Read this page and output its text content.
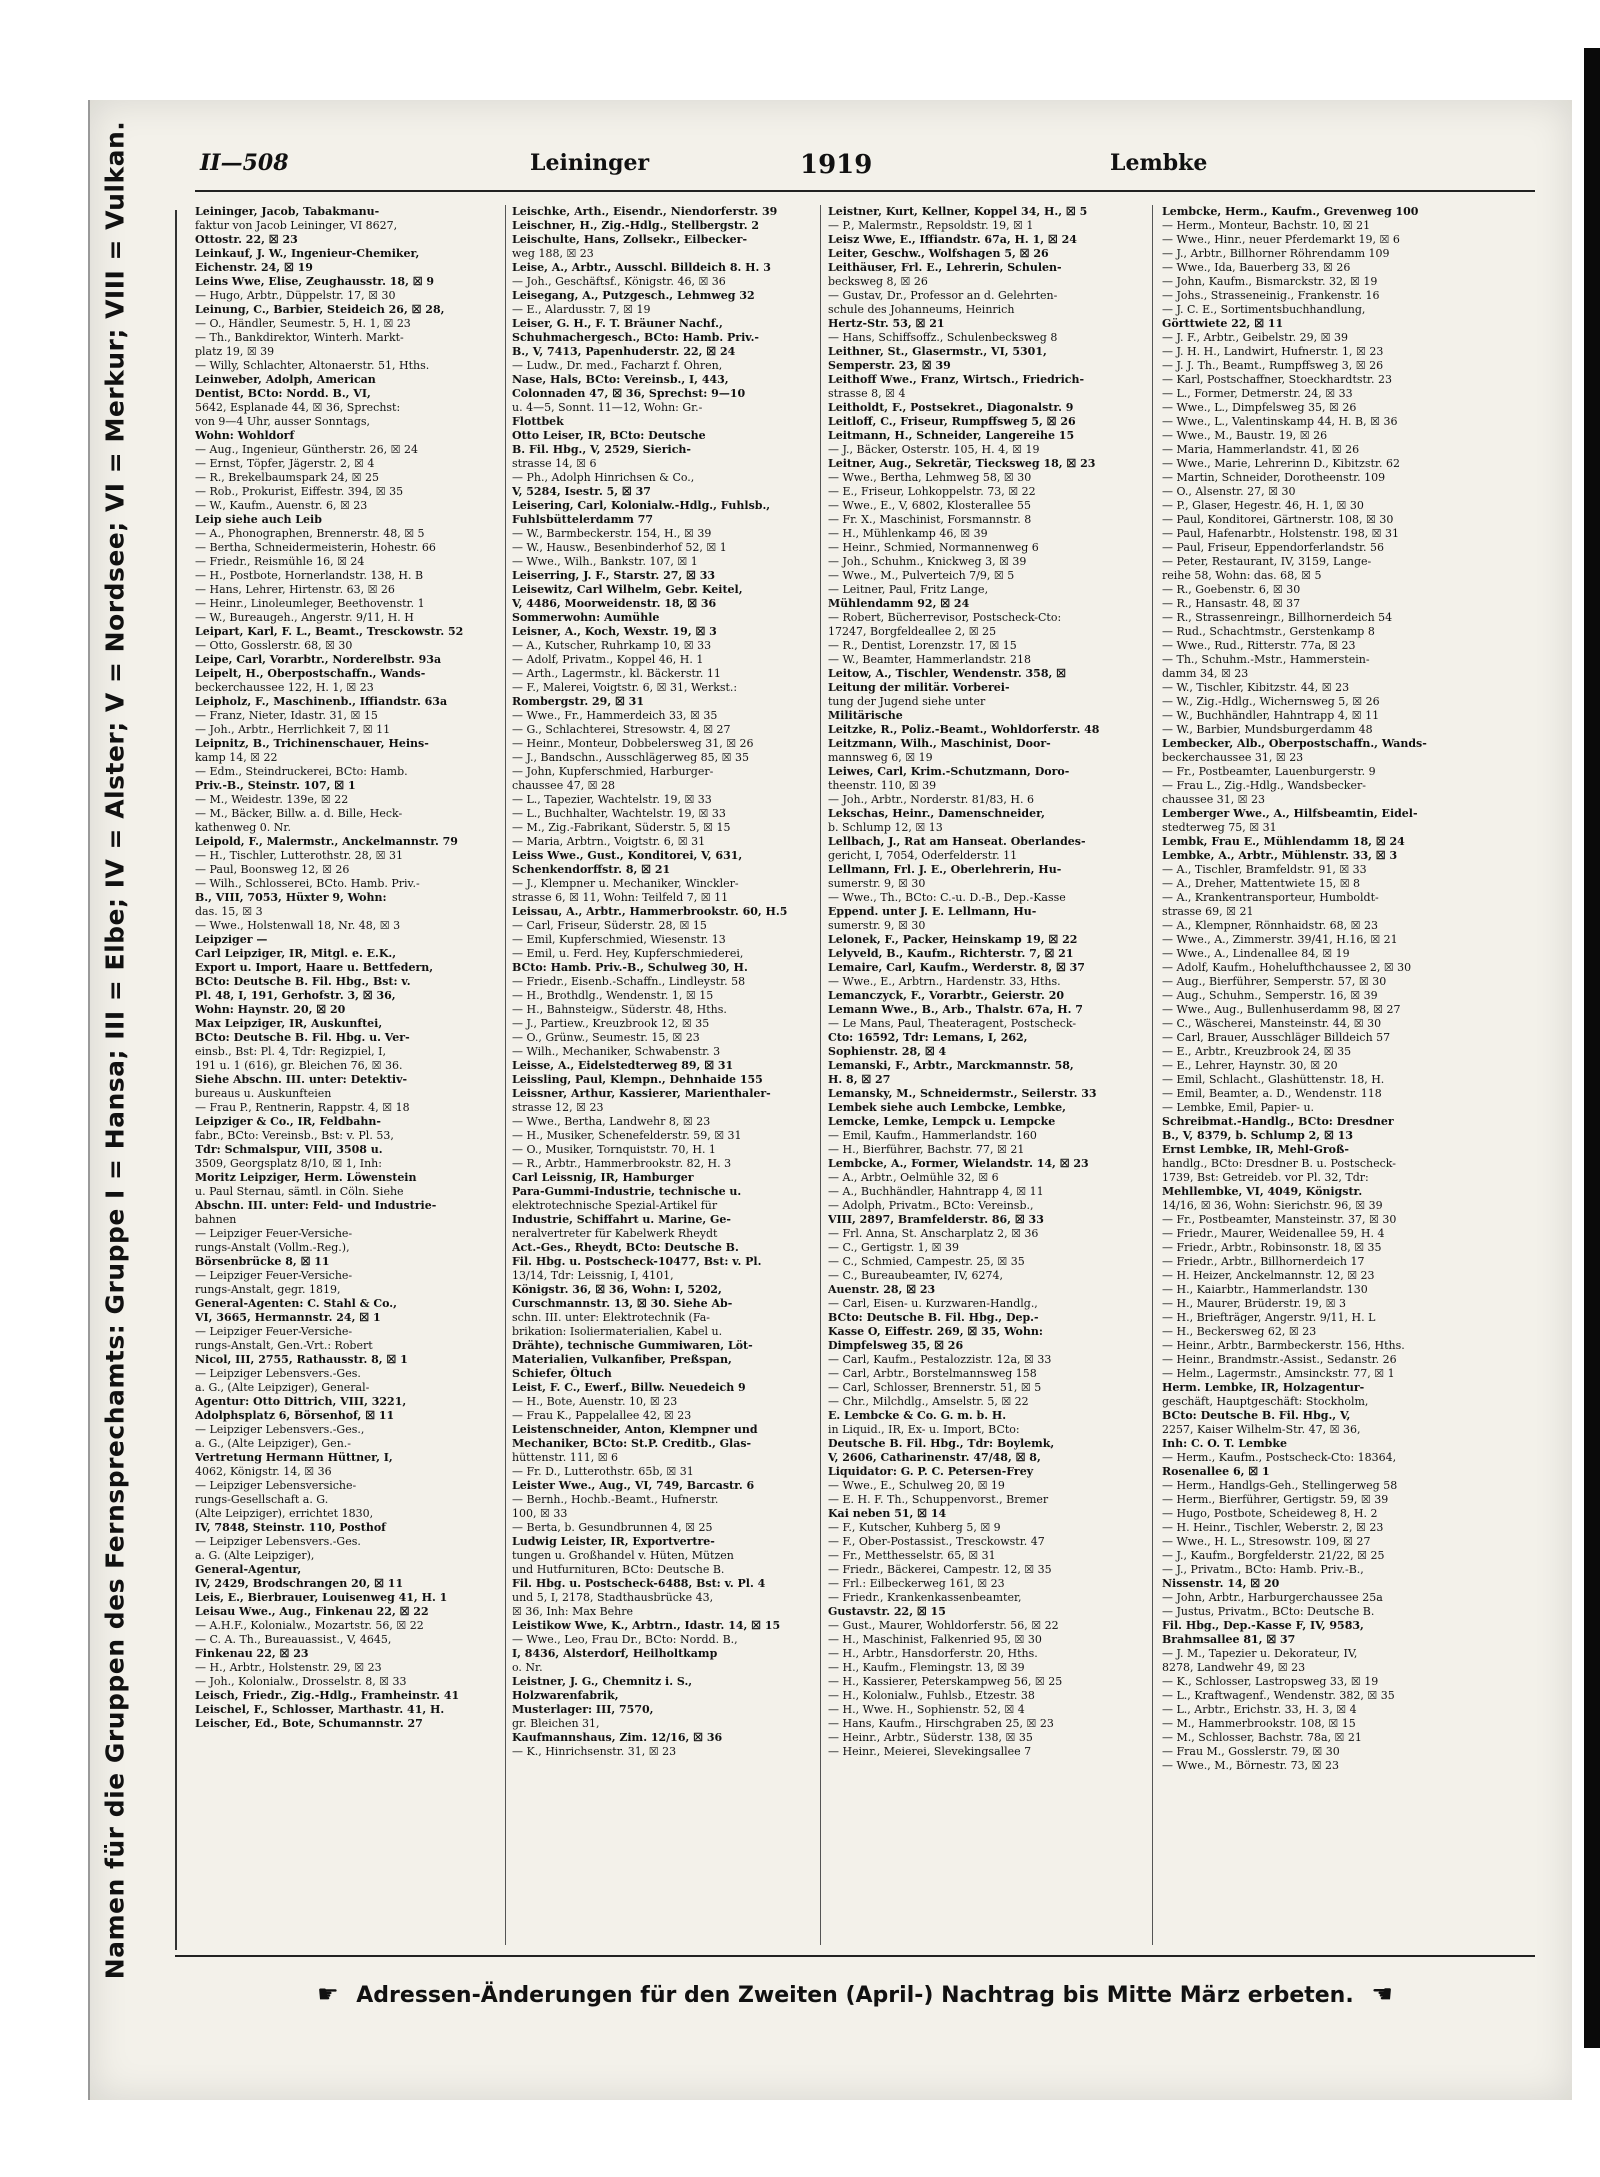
II—508	Leininger	1919	Lembke
Namen für die Gruppen des Fernsprechamts: Gruppe I = Hansa; III = Elbe; IV = Alster; V = Nordsee; VI = Merkur; VIII = Vulkan.	Leininger, Jacob, Tabakmanu-
faktur von Jacob Leininger, VI 8627,
Ottostr. 22, ☒ 23
Leinkauf, J. W., Ingenieur-Chemiker,
Eichenstr. 24, ☒ 19
Leins Wwe, Elise, Zeughausstr. 18, ☒ 9
— Hugo, Arbtr., Düppelstr. 17, ☒ 30
Leinung, C., Barbier, Steideich 26, ☒ 28,
— O., Händler, Seumestr. 5, H. 1, ☒ 23
— Th., Bankdirektor, Winterh. Markt-
platz 19, ☒ 39
— Willy, Schlachter, Altonaerstr. 51, Hths.
Leinweber, Adolph, American
Dentist, BCto: Nordd. B., VI,
5642, Esplanade 44, ☒ 36, Sprechst:
von 9—4 Uhr, ausser Sonntags,
Wohn: Wohldorf
— Aug., Ingenieur, Güntherstr. 26, ☒ 24
— Ernst, Töpfer, Jägerstr. 2, ☒ 4
— R., Brekelbaumspark 24, ☒ 25
— Rob., Prokurist, Eiffestr. 394, ☒ 35
— W., Kaufm., Auenstr. 6, ☒ 23
Leip siehe auch Leib
— A., Phonographen, Brennerstr. 48, ☒ 5
— Bertha, Schneidermeisterin, Hohestr. 66
— Friedr., Reismühle 16, ☒ 24
— H., Postbote, Hornerlandstr. 138, H. B
— Hans, Lehrer, Hirtenstr. 63, ☒ 26
— Heinr., Linoleumleger, Beethovenstr. 1
— W., Bureaugeh., Angerstr. 9/11, H. H
Leipart, Karl, F. L., Beamt., Tresckowstr. 52
— Otto, Gosslerstr. 68, ☒ 30
Leipe, Carl, Vorarbtr., Norderelbstr. 93a
Leipelt, H., Oberpostschaffn., Wands-
beckerchaussee 122, H. 1, ☒ 23
Leipholz, F., Maschinenb., Iffiandstr. 63a
— Franz, Nieter, Idastr. 31, ☒ 15
— Joh., Arbtr., Herrlichkeit 7, ☒ 11
Leipnitz, B., Trichinenschauer, Heins-
kamp 14, ☒ 22
— Edm., Steindruckerei, BCto: Hamb.
Priv.-B., Steinstr. 107, ☒ 1
— M., Weidestr. 139e, ☒ 22
— M., Bäcker, Billw. a. d. Bille, Heck-
kathenweg 0. Nr.
Leipold, F., Malermstr., Anckelmannstr. 79
— H., Tischler, Lutterothstr. 28, ☒ 31
— Paul, Boonsweg 12, ☒ 26
— Wilh., Schlosserei, BCto. Hamb. Priv.-
B., VIII, 7053, Hüxter 9, Wohn:
das. 15, ☒ 3
— Wwe., Holstenwall 18, Nr. 48, ☒ 3
Leipziger —
Carl Leipziger, IR, Mitgl. e. E.K.,
Export u. Import, Haare u. Bettfedern,
BCto: Deutsche B. Fil. Hbg., Bst: v.
Pl. 48, I, 191, Gerhofstr. 3, ☒ 36,
Wohn: Haynstr. 20, ☒ 20
Max Leipziger, IR, Auskunftei,
BCto: Deutsche B. Fil. Hbg. u. Ver-
einsb., Bst: Pl. 4, Tdr: Regizpiel, I,
191 u. 1 (616), gr. Bleichen 76, ☒ 36.
Siehe Abschn. III. unter: Detektiv-
bureaus u. Auskunfteien
— Frau P., Rentnerin, Rappstr. 4, ☒ 18
Leipziger & Co., IR, Feldbahn-
fabr., BCto: Vereinsb., Bst: v. Pl. 53,
Tdr: Schmalspur, VIII, 3508 u.
3509, Georgsplatz 8/10, ☒ 1, Inh:
Moritz Leipziger, Herm. Löwenstein
u. Paul Sternau, sämtl. in Cöln. Siehe
Abschn. III. unter: Feld- und Industrie-
bahnen
— Leipziger Feuer-Versiche-
rungs-Anstalt (Vollm.-Reg.),
Börsenbrücke 8, ☒ 11
— Leipziger Feuer-Versiche-
rungs-Anstalt, gegr. 1819,
General-Agenten: C. Stahl & Co.,
VI, 3665, Hermannstr. 24, ☒ 1
— Leipziger Feuer-Versiche-
rungs-Anstalt, Gen.-Vrt.: Robert
Nicol, III, 2755, Rathausstr. 8, ☒ 1
— Leipziger Lebensvers.-Ges.
a. G., (Alte Leipziger), General-
Agentur: Otto Dittrich, VIII, 3221,
Adolphsplatz 6, Börsenhof, ☒ 11
— Leipziger Lebensvers.-Ges.,
a. G., (Alte Leipziger), Gen.-
Vertretung Hermann Hüttner, I,
4062, Königstr. 14, ☒ 36
— Leipziger Lebensversiche-
rungs-Gesellschaft a. G.
(Alte Leipziger), errichtet 1830,
IV, 7848, Steinstr. 110, Posthof
— Leipziger Lebensvers.-Ges.
a. G. (Alte Leipziger),
General-Agentur,
IV, 2429, Brodschrangen 20, ☒ 11
Leis, E., Bierbrauer, Louisenweg 41, H. 1
Leisau Wwe., Aug., Finkenau 22, ☒ 22
— A.H.F., Kolonialw., Mozartstr. 56, ☒ 22
— C. A. Th., Bureauassist., V, 4645,
Finkenau 22, ☒ 23
— H., Arbtr., Holstenstr. 29, ☒ 23
— Joh., Kolonialw., Drosselstr. 8, ☒ 33
Leisch, Friedr., Zig.-Hdlg., Framheinstr. 41
Leischel, F., Schlosser, Marthastr. 41, H.
Leischer, Ed., Bote, Schumannstr. 27
Leischke, Arth., Eisendr., Niendorferstr. 39
Leischner, H., Zig.-Hdlg., Stellbergstr. 2
Leischulte, Hans, Zollsekr., Eilbecker-
weg 188, ☒ 23
Leise, A., Arbtr., Ausschl. Billdeich 8. H. 3
— Joh., Geschäftsf., Königstr. 46, ☒ 36
Leisegang, A., Putzgesch., Lehmweg 32
— E., Alardusstr. 7, ☒ 19
Leiser, G. H., F. T. Bräuner Nachf.,
Schuhmachergesch., BCto: Hamb. Priv.-
B., V, 7413, Papenhuderstr. 22, ☒ 24
— Ludw., Dr. med., Facharzt f. Ohren,
Nase, Hals, BCto: Vereinsb., I, 443,
Colonnaden 47, ☒ 36, Sprechst: 9—10
u. 4—5, Sonnt. 11—12, Wohn: Gr.-
Flottbek
Otto Leiser, IR, BCto: Deutsche
B. Fil. Hbg., V, 2529, Sierich-
strasse 14, ☒ 6
— Ph., Adolph Hinrichsen & Co.,
V, 5284, Isestr. 5, ☒ 37
Leisering, Carl, Kolonialw.-Hdlg., Fuhlsb.,
Fuhlsbüttelerdamm 77
— W., Barmbeckerstr. 154, H., ☒ 39
— W., Hausw., Besenbinderhof 52, ☒ 1
— Wwe., Wilh., Bankstr. 107, ☒ 1
Leiserring, J. F., Starstr. 27, ☒ 33
Leisewitz, Carl Wilhelm, Gebr. Keitel,
V, 4486, Moorweidenstr. 18, ☒ 36
Sommerwohn: Aumühle
Leisner, A., Koch, Wexstr. 19, ☒ 3
— A., Kutscher, Ruhrkamp 10, ☒ 33
— Adolf, Privatm., Koppel 46, H. 1
— Arth., Lagermstr., kl. Bäckerstr. 11
— F., Malerei, Voigtstr. 6, ☒ 31, Werkst.:
Rombergstr. 29, ☒ 31
— Wwe., Fr., Hammerdeich 33, ☒ 35
— G., Schlachterei, Stresowstr. 4, ☒ 27
— Heinr., Monteur, Dobbelersweg 31, ☒ 26
— J., Bandschn., Ausschlägerweg 85, ☒ 35
— John, Kupferschmied, Harburger-
chaussee 47, ☒ 28
— L., Tapezier, Wachtelstr. 19, ☒ 33
— L., Buchhalter, Wachtelstr. 19, ☒ 33
— M., Zig.-Fabrikant, Süderstr. 5, ☒ 15
— Maria, Arbtrn., Voigtstr. 6, ☒ 31
Leiss Wwe., Gust., Konditorei, V, 631,
Schenkendorffstr. 8, ☒ 21
— J., Klempner u. Mechaniker, Winckler-
strasse 6, ☒ 11, Wohn: Teilfeld 7, ☒ 11
Leissau, A., Arbtr., Hammerbrookstr. 60, H.5
— Carl, Friseur, Süderstr. 28, ☒ 15
— Emil, Kupferschmied, Wiesenstr. 13
— Emil, u. Ferd. Hey, Kupferschmiederei,
BCto: Hamb. Priv.-B., Schulweg 30, H.
— Friedr., Eisenb.-Schaffn., Lindleystr. 58
— H., Brothdlg., Wendenstr. 1, ☒ 15
— H., Bahnsteigw., Süderstr. 48, Hths.
— J., Partiew., Kreuzbrook 12, ☒ 35
— O., Grünw., Seumestr. 15, ☒ 23
— Wilh., Mechaniker, Schwabenstr. 3
Leisse, A., Eidelstedterweg 89, ☒ 31
Leissling, Paul, Klempn., Dehnhaide 155
Leissner, Arthur, Kassierer, Marienthaler-
strasse 12, ☒ 23
— Wwe., Bertha, Landwehr 8, ☒ 23
— H., Musiker, Schenefelderstr. 59, ☒ 31
— O., Musiker, Tornquiststr. 70, H. 1
— R., Arbtr., Hammerbrookstr. 82, H. 3
Carl Leissnig, IR, Hamburger
Para-Gummi-Industrie, technische u.
elektrotechnische Spezial-Artikel für
Industrie, Schiffahrt u. Marine, Ge-
neralvertreter für Kabelwerk Rheydt
Act.-Ges., Rheydt, BCto: Deutsche B.
Fil. Hbg. u. Postscheck-10477, Bst: v. Pl.
13/14, Tdr: Leissnig, I, 4101,
Königstr. 36, ☒ 36, Wohn: I, 5202,
Curschmannstr. 13, ☒ 30. Siehe Ab-
schn. III. unter: Elektrotechnik (Fa-
brikation: Isoliermaterialien, Kabel u.
Drähte), technische Gummiwaren, Löt-
Materialien, Vulkanfiber, Preßspan,
Schiefer, Öltuch
Leist, F. C., Ewerf., Billw. Neuedeich 9
— H., Bote, Auenstr. 10, ☒ 23
— Frau K., Pappelallee 42, ☒ 23
Leistenschneider, Anton, Klempner und
Mechaniker, BCto: St.P. Creditb., Glas-
hüttenstr. 111, ☒ 6
— Fr. D., Lutterothstr. 65b, ☒ 31
Leister Wwe., Aug., VI, 749, Barcastr. 6
— Bernh., Hochb.-Beamt., Hufnerstr.
100, ☒ 33
— Berta, b. Gesundbrunnen 4, ☒ 25
Ludwig Leister, IR, Exportvertre-
tungen u. Großhandel v. Hüten, Mützen
und Hutfurnituren, BCto: Deutsche B.
Fil. Hbg. u. Postscheck-6488, Bst: v. Pl. 4
und 5, I, 2178, Stadthausbrücke 43,
☒ 36, Inh: Max Behre
Leistikow Wwe, K., Arbtrn., Idastr. 14, ☒ 15
— Wwe., Leo, Frau Dr., BCto: Nordd. B.,
I, 8436, Alsterdorf, Heilholtkamp
o. Nr.
Leistner, J. G., Chemnitz i. S.,
Holzwarenfabrik,
Musterlager: III, 7570,
gr. Bleichen 31,
Kaufmannshaus, Zim. 12/16, ☒ 36
— K., Hinrichsenstr. 31, ☒ 23
Leistner, Kurt, Kellner, Koppel 34, H., ☒ 5
— P., Malermstr., Repsoldstr. 19, ☒ 1
Leisz Wwe, E., Iffiandstr. 67a, H. 1, ☒ 24
Leiter, Geschw., Wolfshagen 5, ☒ 26
Leithäuser, Frl. E., Lehrerin, Schulen-
becksweg 8, ☒ 26
— Gustav, Dr., Professor an d. Gelehrten-
schule des Johanneums, Heinrich
Hertz-Str. 53, ☒ 21
— Hans, Schiffsoffz., Schulenbecksweg 8
Leithner, St., Glasermstr., VI, 5301,
Semperstr. 23, ☒ 39
Leithoff Wwe., Franz, Wirtsch., Friedrich-
strasse 8, ☒ 4
Leitholdt, F., Postsekret., Diagonalstr. 9
Leitloff, C., Friseur, Rumpffsweg 5, ☒ 26
Leitmann, H., Schneider, Langereihe 15
— J., Bäcker, Osterstr. 105, H. 4, ☒ 19
Leitner, Aug., Sekretär, Tiecksweg 18, ☒ 23
— Wwe., Bertha, Lehmweg 58, ☒ 30
— E., Friseur, Lohkoppelstr. 73, ☒ 22
— Wwe., E., V, 6802, Klosterallee 55
— Fr. X., Maschinist, Forsmannstr. 8
— H., Mühlenkamp 46, ☒ 39
— Heinr., Schmied, Normannenweg 6
— Joh., Schuhm., Knickweg 3, ☒ 39
— Wwe., M., Pulverteich 7/9, ☒ 5
— Leitner, Paul, Fritz Lange,
Mühlendamm 92, ☒ 24
— Robert, Bücherrevisor, Postscheck-Cto:
17247, Borgfeldeallee 2, ☒ 25
— R., Dentist, Lorenzstr. 17, ☒ 15
— W., Beamter, Hammerlandstr. 218
Leitow, A., Tischler, Wendenstr. 358, ☒
Leitung der militär. Vorberei-
tung der Jugend siehe unter
Militärische
Leitzke, R., Poliz.-Beamt., Wohldorferstr. 48
Leitzmann, Wilh., Maschinist, Door-
mannsweg 6, ☒ 19
Leiwes, Carl, Krim.-Schutzmann, Doro-
theenstr. 110, ☒ 39
— Joh., Arbtr., Norderstr. 81/83, H. 6
Lekschas, Heinr., Damenschneider,
b. Schlump 12, ☒ 13
Lellbach, J., Rat am Hanseat. Oberlandes-
gericht, I, 7054, Oderfelderstr. 11
Lellmann, Frl. J. E., Oberlehrerin, Hu-
sumerstr. 9, ☒ 30
— Wwe., Th., BCto: C.-u. D.-B., Dep.-Kasse
Eppend. unter J. E. Lellmann, Hu-
sumerstr. 9, ☒ 30
Lelonek, F., Packer, Heinskamp 19, ☒ 22
Lelyveld, B., Kaufm., Richterstr. 7, ☒ 21
Lemaire, Carl, Kaufm., Werderstr. 8, ☒ 37
— Wwe., E., Arbtrn., Hardenstr. 33, Hths.
Lemanczyck, F., Vorarbtr., Geierstr. 20
Lemann Wwe., B., Arb., Thalstr. 67a, H. 7
— Le Mans, Paul, Theateragent, Postscheck-
Cto: 16592, Tdr: Lemans, I, 262,
Sophienstr. 28, ☒ 4
Lemanski, F., Arbtr., Marckmannstr. 58,
H. 8, ☒ 27
Lemansky, M., Schneidermstr., Seilerstr. 33
Lembek siehe auch Lembcke, Lembke,
Lemcke, Lemke, Lempck u. Lempcke
— Emil, Kaufm., Hammerlandstr. 160
— H., Bierführer, Bachstr. 77, ☒ 21
Lembcke, A., Former, Wielandstr. 14, ☒ 23
— A., Arbtr., Oelmühle 32, ☒ 6
— A., Buchhändler, Hahntrapp 4, ☒ 11
— Adolph, Privatm., BCto: Vereinsb.,
VIII, 2897, Bramfelderstr. 86, ☒ 33
— Frl. Anna, St. Anscharplatz 2, ☒ 36
— C., Gertigstr. 1, ☒ 39
— C., Schmied, Campestr. 25, ☒ 35
— C., Bureaubeamter, IV, 6274,
Auenstr. 28, ☒ 23
— Carl, Eisen- u. Kurzwaren-Handlg.,
BCto: Deutsche B. Fil. Hbg., Dep.-
Kasse O, Eiffestr. 269, ☒ 35, Wohn:
Dimpfelsweg 35, ☒ 26
— Carl, Kaufm., Pestalozzistr. 12a, ☒ 33
— Carl, Arbtr., Borstelmannsweg 158
— Carl, Schlosser, Brennerstr. 51, ☒ 5
— Chr., Milchdlg., Amselstr. 5, ☒ 22
E. Lembcke & Co. G. m. b. H.
in Liquid., IR, Ex- u. Import, BCto:
Deutsche B. Fil. Hbg., Tdr: Boylemk,
V, 2606, Catharinenstr. 47/48, ☒ 8,
Liquidator: G. P. C. Petersen-Frey
— Wwe., E., Schulweg 20, ☒ 19
— E. H. F. Th., Schuppenvorst., Bremer
Kai neben 51, ☒ 14
— F., Kutscher, Kuhberg 5, ☒ 9
— F., Ober-Postassist., Tresckowstr. 47
— Fr., Metthesselstr. 65, ☒ 31
— Friedr., Bäckerei, Campestr. 12, ☒ 35
— Frl.: Eilbeckerweg 161, ☒ 23
— Friedr., Krankenkassenbeamter,
Gustavstr. 22, ☒ 15
— Gust., Maurer, Wohldorferstr. 56, ☒ 22
— H., Maschinist, Falkenried 95, ☒ 30
— H., Arbtr., Hansdorferstr. 20, Hths.
— H., Kaufm., Flemingstr. 13, ☒ 39
— H., Kassierer, Peterskampweg 56, ☒ 25
— H., Kolonialw., Fuhlsb., Etzestr. 38
— H., Wwe. H., Sophienstr. 52, ☒ 4
— Hans, Kaufm., Hirschgraben 25, ☒ 23
— Heinr., Arbtr., Süderstr. 138, ☒ 35
— Heinr., Meierei, Slevekingsallee 7
Lembcke, Herm., Kaufm., Grevenweg 100
— Herm., Monteur, Bachstr. 10, ☒ 21
— Wwe., Hinr., neuer Pferdemarkt 19, ☒ 6
— J., Arbtr., Billhorner Röhrendamm 109
— Wwe., Ida, Bauerberg 33, ☒ 26
— John, Kaufm., Bismarckstr. 32, ☒ 19
— Johs., Strasseneinig., Frankenstr. 16
— J. C. E., Sortimentsbuchhandlung,
Görttwiete 22, ☒ 11
— J. F., Arbtr., Geibelstr. 29, ☒ 39
— J. H. H., Landwirt, Hufnerstr. 1, ☒ 23
— J. J. Th., Beamt., Rumpffsweg 3, ☒ 26
— Karl, Postschaffner, Stoeckhardtstr. 23
— L., Former, Detmerstr. 24, ☒ 33
— Wwe., L., Dimpfelsweg 35, ☒ 26
— Wwe., L., Valentinskamp 44, H. B, ☒ 36
— Wwe., M., Baustr. 19, ☒ 26
— Maria, Hammerlandstr. 41, ☒ 26
— Wwe., Marie, Lehrerinn D., Kibitzstr. 62
— Martin, Schneider, Dorotheenstr. 109
— O., Alsenstr. 27, ☒ 30
— P., Glaser, Hegestr. 46, H. 1, ☒ 30
— Paul, Konditorei, Gärtnerstr. 108, ☒ 30
— Paul, Hafenarbtr., Holstenstr. 198, ☒ 31
— Paul, Friseur, Eppendorferlandstr. 56
— Peter, Restaurant, IV, 3159, Lange-
reihe 58, Wohn: das. 68, ☒ 5
— R., Goebenstr. 6, ☒ 30
— R., Hansastr. 48, ☒ 37
— R., Strassenreingr., Billhornerdeich 54
— Rud., Schachtmstr., Gerstenkamp 8
— Wwe., Rud., Ritterstr. 77a, ☒ 23
— Th., Schuhm.-Mstr., Hammerstein-
damm 34, ☒ 23
— W., Tischler, Kibitzstr. 44, ☒ 23
— W., Zig.-Hdlg., Wichernsweg 5, ☒ 26
— W., Buchhändler, Hahntrapp 4, ☒ 11
— W., Barbier, Mundsburgerdamm 48
Lembecker, Alb., Oberpostschaffn., Wands-
beckerchaussee 31, ☒ 23
— Fr., Postbeamter, Lauenburgerstr. 9
— Frau L., Zig.-Hdlg., Wandsbecker-
chaussee 31, ☒ 23
Lemberger Wwe., A., Hilfsbeamtin, Eidel-
stedterweg 75, ☒ 31
Lembk, Frau E., Mühlendamm 18, ☒ 24
Lembke, A., Arbtr., Mühlenstr. 33, ☒ 3
— A., Tischler, Bramfeldstr. 91, ☒ 33
— A., Dreher, Mattentwiete 15, ☒ 8
— A., Krankentransporteur, Humboldt-
strasse 69, ☒ 21
— A., Klempner, Rönnhaidstr. 68, ☒ 23
— Wwe., A., Zimmerstr. 39/41, H.16, ☒ 21
— Wwe., A., Lindenallee 84, ☒ 19
— Adolf, Kaufm., Hohelufthchaussee 2, ☒ 30
— Aug., Bierführer, Semperstr. 57, ☒ 30
— Aug., Schuhm., Semperstr. 16, ☒ 39
— Wwe., Aug., Bullenhuserdamm 98, ☒ 27
— C., Wäscherei, Mansteinstr. 44, ☒ 30
— Carl, Brauer, Ausschläger Billdeich 57
— E., Arbtr., Kreuzbrook 24, ☒ 35
— E., Lehrer, Haynstr. 30, ☒ 20
— Emil, Schlacht., Glashüttenstr. 18, H.
— Emil, Beamter, a. D., Wendenstr. 118
— Lembke, Emil, Papier- u.
Schreibmat.-Handlg., BCto: Dresdner
B., V, 8379, b. Schlump 2, ☒ 13
Ernst Lembke, IR, Mehl-Groß-
handlg., BCto: Dresdner B. u. Postscheck-
1739, Bst: Getreideb. vor Pl. 32, Tdr:
Mehllembke, VI, 4049, Königstr.
14/16, ☒ 36, Wohn: Sierichstr. 96, ☒ 39
— Fr., Postbeamter, Mansteinstr. 37, ☒ 30
— Friedr., Maurer, Weidenallee 59, H. 4
— Friedr., Arbtr., Robinsonstr. 18, ☒ 35
— Friedr., Arbtr., Billhornerdeich 17
— H. Heizer, Anckelmannstr. 12, ☒ 23
— H., Kaiarbtr., Hammerlandstr. 130
— H., Maurer, Brüderstr. 19, ☒ 3
— H., Briefträger, Angerstr. 9/11, H. L
— H., Beckersweg 62, ☒ 23
— Heinr., Arbtr., Barmbeckerstr. 156, Hths.
— Heinr., Brandmstr.-Assist., Sedanstr. 26
— Helm., Lagermstr., Amsinckstr. 77, ☒ 1
Herm. Lembke, IR, Holzagentur-
geschäft, Hauptgeschäft: Stockholm,
BCto: Deutsche B. Fil. Hbg., V,
2257, Kaiser Wilhelm-Str. 47, ☒ 36,
Inh: C. O. T. Lembke
— Herm., Kaufm., Postscheck-Cto: 18364,
Rosenallee 6, ☒ 1
— Herm., Handlgs-Geh., Stellingerweg 58
— Herm., Bierführer, Gertigstr. 59, ☒ 39
— Hugo, Postbote, Scheideweg 8, H. 2
— H. Heinr., Tischler, Weberstr. 2, ☒ 23
— Wwe., H. L., Stresowstr. 109, ☒ 27
— J., Kaufm., Borgfelderstr. 21/22, ☒ 25
— J., Privatm., BCto: Hamb. Priv.-B.,
Nissenstr. 14, ☒ 20
— John, Arbtr., Harburgerchaussee 25a
— Justus, Privatm., BCto: Deutsche B.
Fil. Hbg., Dep.-Kasse F, IV, 9583,
Brahmsallee 81, ☒ 37
— J. M., Tapezier u. Dekorateur, IV,
8278, Landwehr 49, ☒ 23
— K., Schlosser, Lastropsweg 33, ☒ 19
— L., Kraftwagenf., Wendenstr. 382, ☒ 35
— L., Arbtr., Erichstr. 33, H. 3, ☒ 4
— M., Hammerbrookstr. 108, ☒ 15
— M., Schlosser, Bachstr. 78a, ☒ 21
— Frau M., Gosslerstr. 79, ☒ 30
— Wwe., M., Börnestr. 73, ☒ 23
☛ Adressen-Änderungen für den Zweiten (April-) Nachtrag bis Mitte März erbeten. ☚
